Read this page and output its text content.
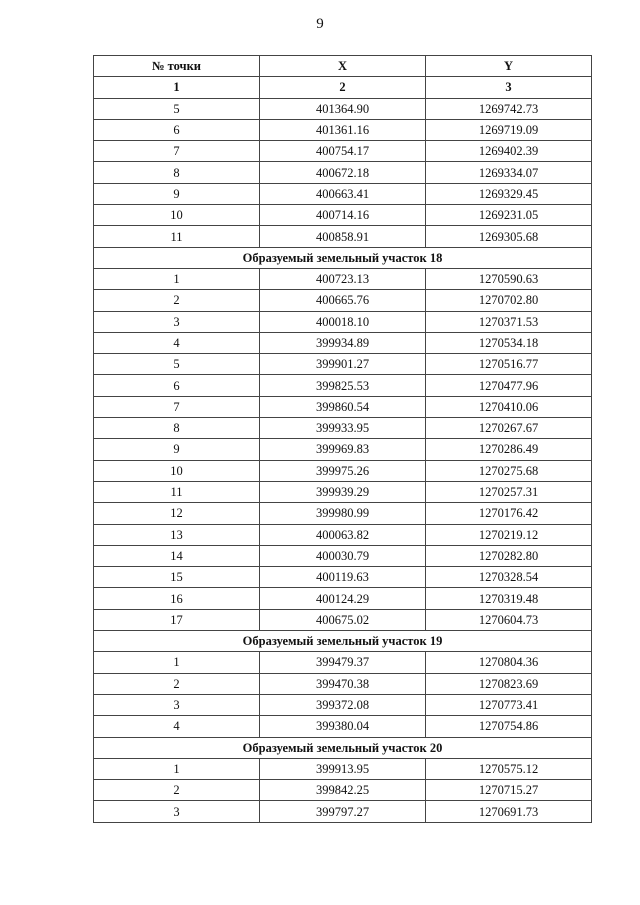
9
№ точки	X	Y
1	2	3
5	401364.90	1269742.73
6	401361.16	1269719.09
7	400754.17	1269402.39
8	400672.18	1269334.07
9	400663.41	1269329.45
10	400714.16	1269231.05
11	400858.91	1269305.68
Образуемый земельный участок 18		
1	400723.13	1270590.63
2	400665.76	1270702.80
3	400018.10	1270371.53
4	399934.89	1270534.18
5	399901.27	1270516.77
6	399825.53	1270477.96
7	399860.54	1270410.06
8	399933.95	1270267.67
9	399969.83	1270286.49
10	399975.26	1270275.68
11	399939.29	1270257.31
12	399980.99	1270176.42
13	400063.82	1270219.12
14	400030.79	1270282.80
15	400119.63	1270328.54
16	400124.29	1270319.48
17	400675.02	1270604.73
Образуемый земельный участок 19		
1	399479.37	1270804.36
2	399470.38	1270823.69
3	399372.08	1270773.41
4	399380.04	1270754.86
Образуемый земельный участок 20		
1	399913.95	1270575.12
2	399842.25	1270715.27
3	399797.27	1270691.73
